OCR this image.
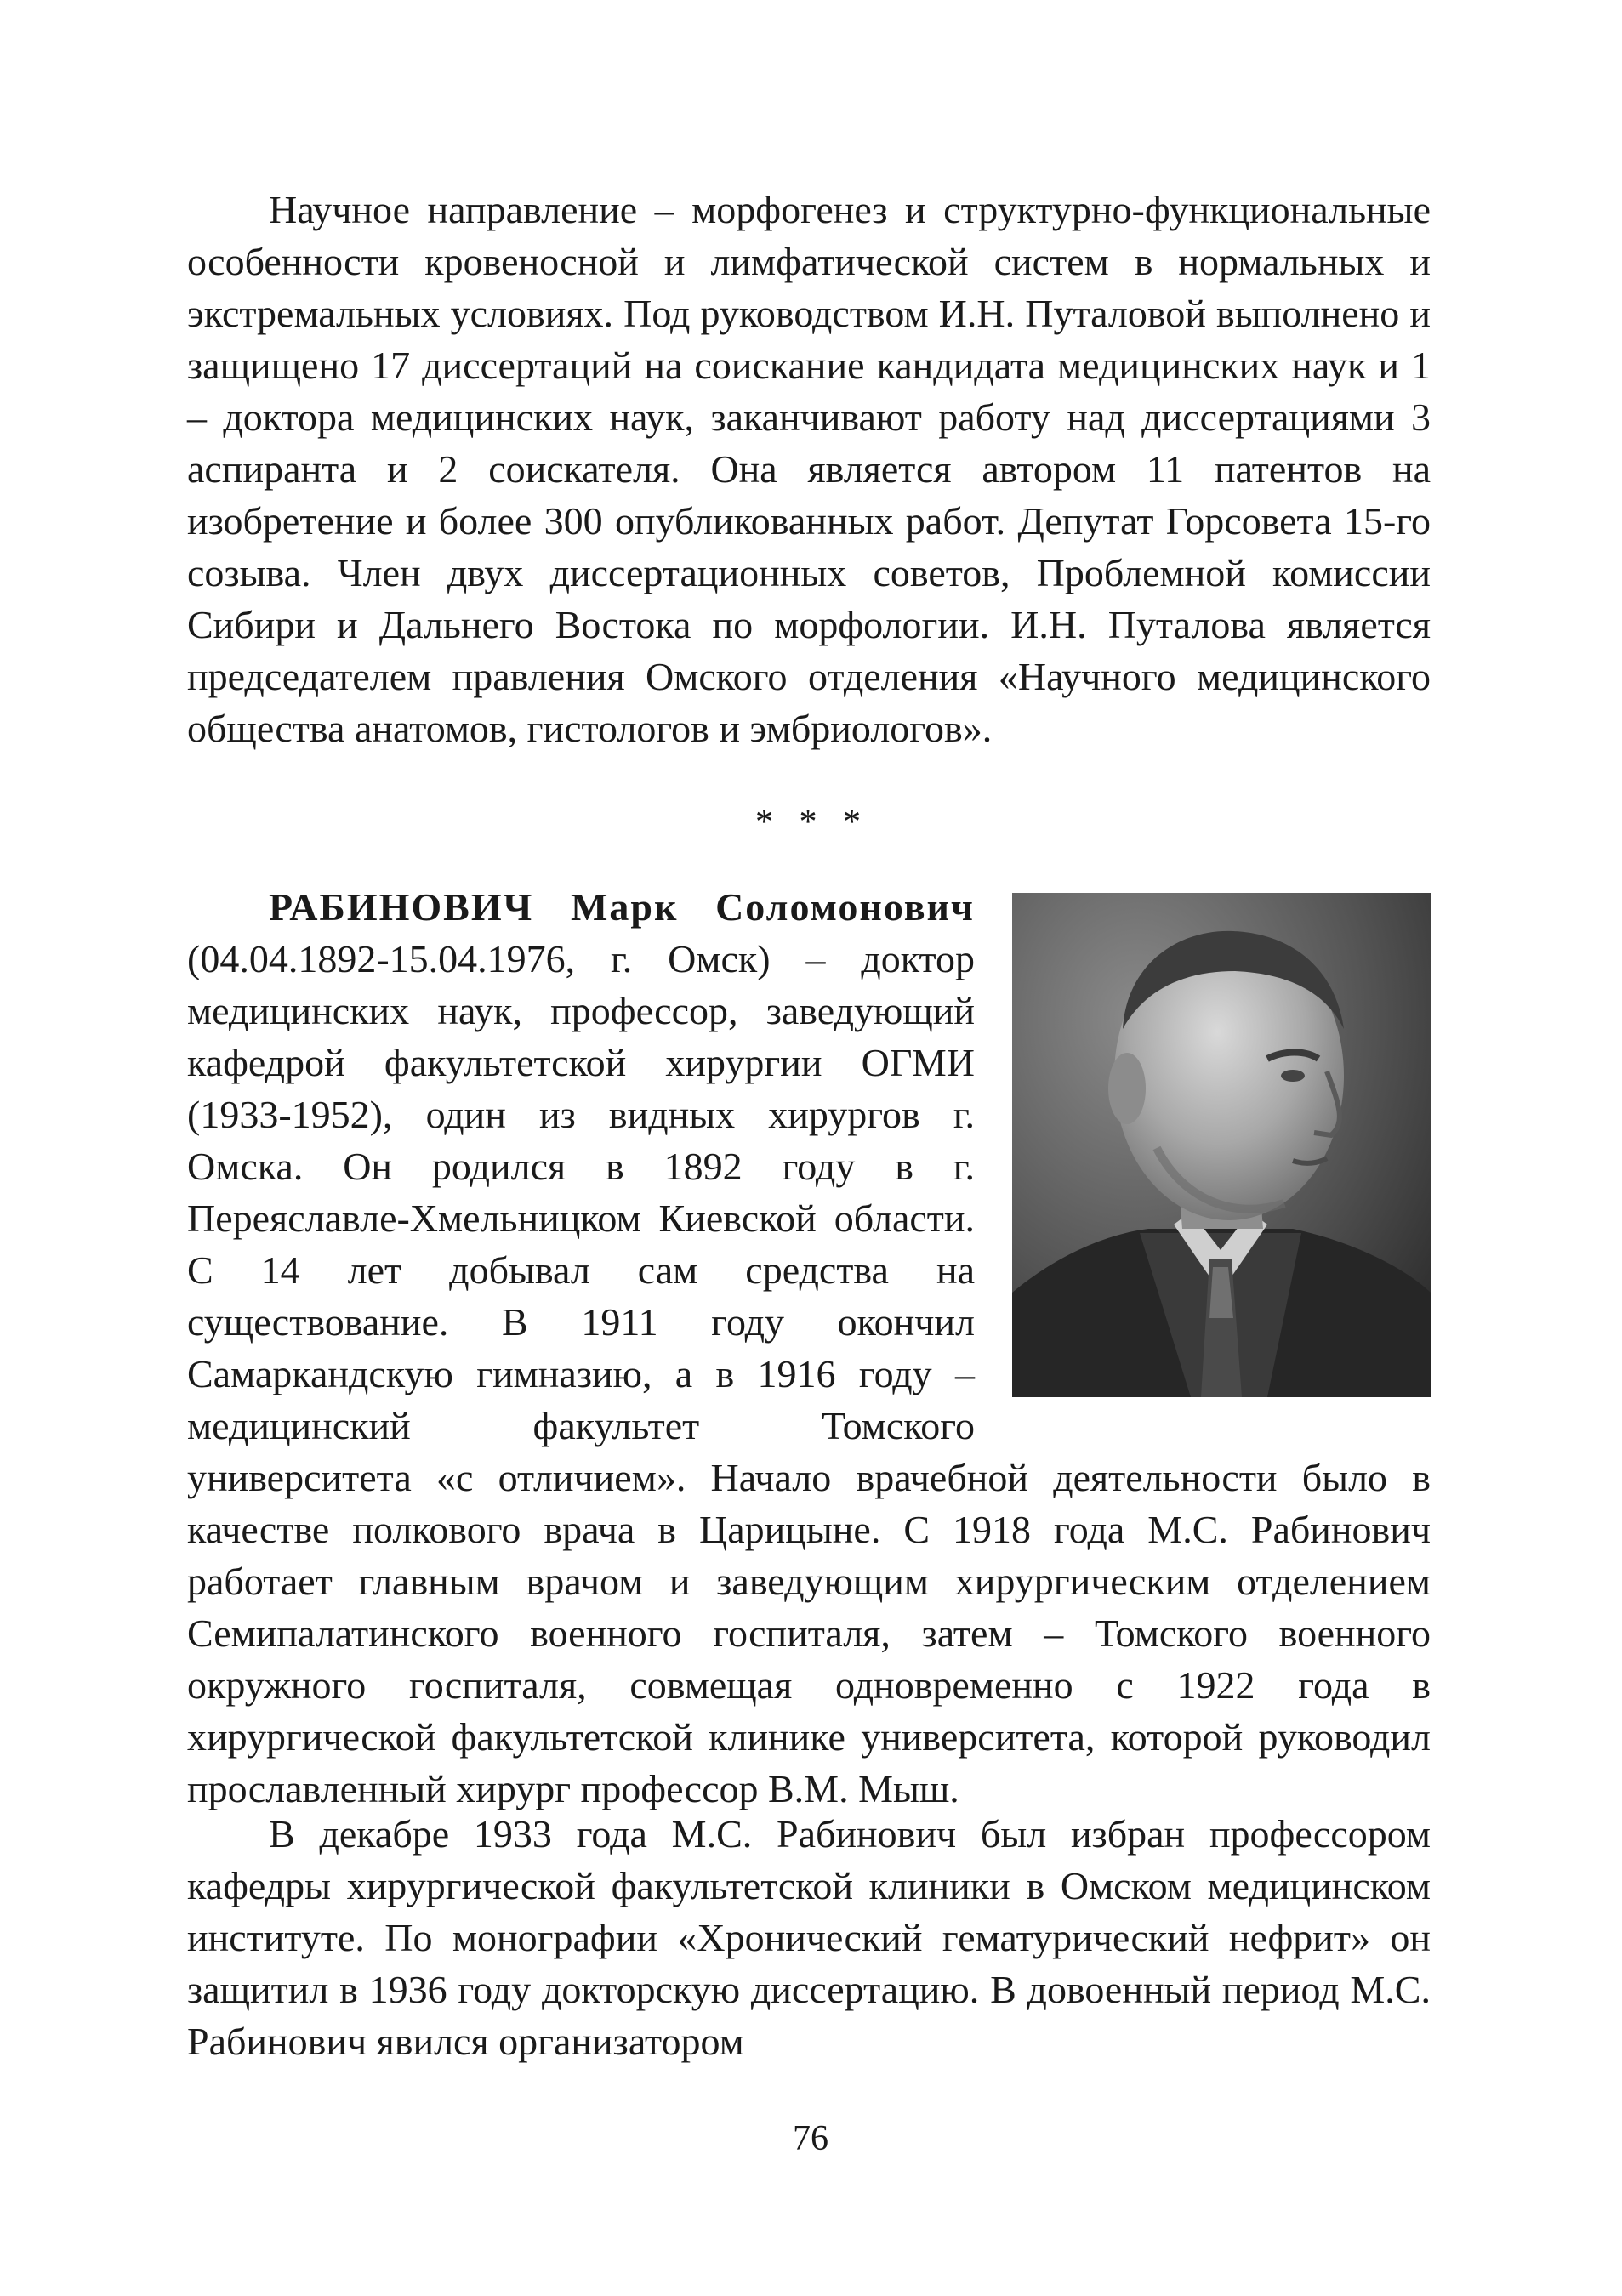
Научное направление – морфогенез и структурно-функциональные особенности кровеносной и лимфатической систем в нормальных и экстремальных условиях. Под руководством И.Н. Путаловой выполнено и защищено 17 диссертаций на соискание кандидата медицинских наук и 1 – доктора медицинских наук, заканчивают работу над диссертациями 3 аспиранта и 2 соискателя. Она является автором 11 патентов на изобретение и более 300 опубликованных работ. Депутат Горсовета 15-го созыва. Член двух диссертационных советов, Проблемной комиссии Сибири и Дальнего Востока по морфологии. И.Н. Путалова является председателем правления Омского отделения «Научного медицинского общества анатомов, гистологов и эмбриологов».

* * *

РАБИНОВИЧ Марк Соломонович (04.04.1892-15.04.1976, г. Омск) – доктор медицинских наук, профессор, заведующий кафедрой факультетской хирургии ОГМИ (1933-1952), один из видных хирургов г. Омска. Он родился в 1892 году в г. Переяславле-Хмельницком Киевской области. С 14 лет добывал сам средства на существование. В 1911 году окончил Самаркандскую гимназию, а в 1916 году – медицинский факультет Томского университета «с отличием». Начало врачебной деятельности было в качестве полкового врача в Царицыне. С 1918 года М.С. Рабинович работает главным врачом и заведующим хирургическим отделением Семипалатинского военного госпиталя, затем – Томского военного окружного госпиталя, совмещая одновременно с 1922 года в хирургической факультетской клинике университета, которой руководил прославленный хирург профессор В.М. Мыш.

В декабре 1933 года М.С. Рабинович был избран профессором кафедры хирургической факультетской клиники в Омском медицинском институте. По монографии «Хронический гематурический нефрит» он защитил в 1936 году докторскую диссертацию. В довоенный период М.С. Рабинович явился организатором

76
